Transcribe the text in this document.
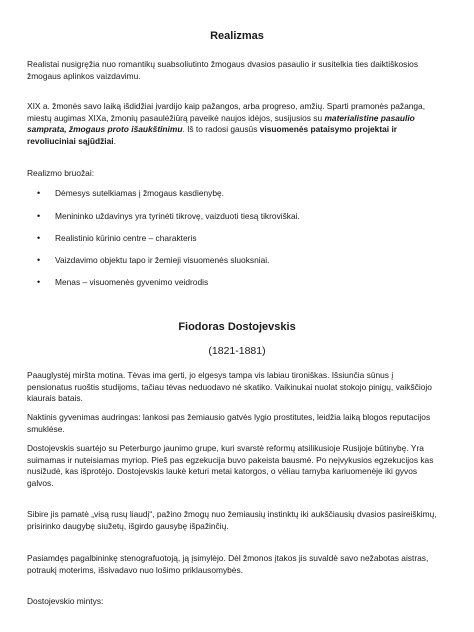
Realizmas
Realistai nusigręžia nuo romantikų suabsoliutinto žmogaus dvasios pasaulio ir susitelkia ties daiktiškosios žmogaus aplinkos vaizdavimu.
XIX a. žmonės savo laiką išdidžiai įvardijo kaip pažangos, arba progreso, amžių. Sparti pramonės pažanga, miestų augimas XIXa, žmonių pasaulėžiūrą paveikė naujos idėjos, susijusios su materialistine pasaulio samprata, žmogaus proto išaukštinimu. Iš to radosi gausūs visuomenės pataisymo projektai ir revoliuciniai sąjūdžiai.
Realizmo bruožai:
• Dėmesys sutelkiamas į žmogaus kasdienybę.
• Menininko uždavinys yra tyrinėti tikrovę, vaizduoti tiesą tikroviškai.
• Realistinio kūrinio centre – charakteris
• Vaizdavimo objektu tapo ir žemieji visuomenės sluoksniai.
• Menas – visuomenės gyvenimo veidrodis
Fiodoras Dostojevskis
(1821-1881)
Paauglystėj miršta motina. Tėvas ima gerti, jo elgesys tampa vis labiau tironiškas. Išsiunčia sūnus į pensionatus ruoštis studijoms, tačiau tėvas neduodavo nė skatiko. Vaikinukai nuolat stokojo pinigų, vaikščiojo kiaurais batais.
Naktinis gyvenimas audringas: lankosi pas žemiausio gatvės lygio prostitutes, leidžia laiką blogos reputacijos smuklėse.
Dostojevskis suartėjo su Peterburgo jaunimo grupe, kuri svarstė reformų atsilikusioje Rusijoje būtinybę. Yra suimamas ir nuteisiamas myriop. Pieš pas egzekucija buvo pakeista bausmė. Po neįvykusios egzekucijos kas nusižudė, kas išprotėjo. Dostojevskis laukė keturi metai katorgos, o vėliau tarnyba kariuomenėje iki gyvos galvos.
Sibire jis pamatė „visą rusų liaudį“, pažino žmogų nuo žemiausių instinktų iki aukščiausių dvasios pasireiškimų, prisirinko daugybę siužetų, išgirdo gausybę išpažinčių.
Pasiamdęs pagalbininkę stenografuotoją, ją įsimylėjo. Dėl žmonos įtakos jis suvaldė savo nežabotas aistras, potraukį moterims, išsivadavo nuo lošimo priklausomybės.
Dostojevskio mintys:
